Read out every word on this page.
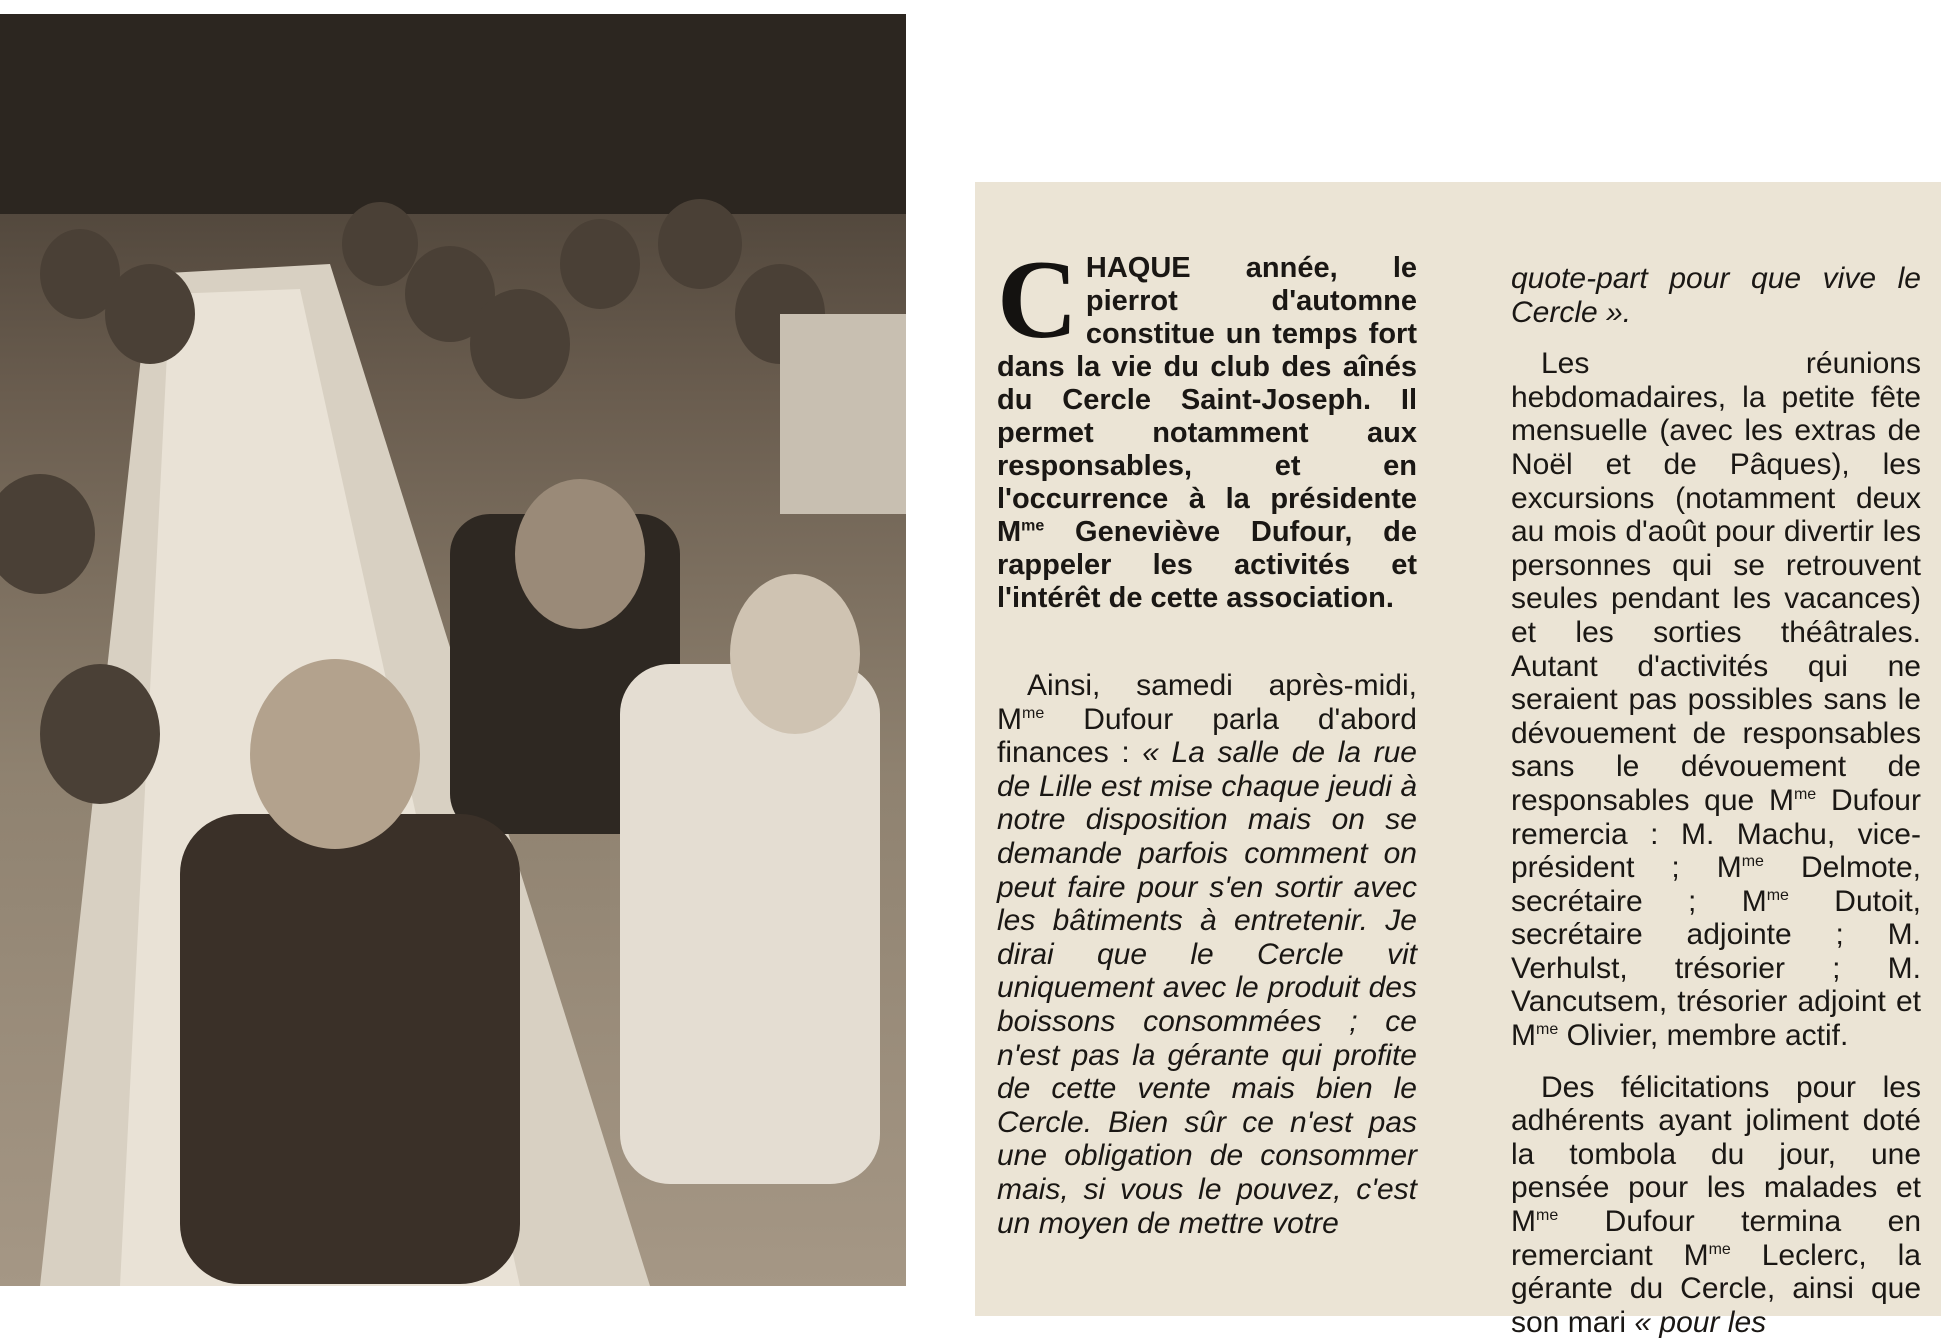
CHAQUE année, le pierrot d'automne constitue un temps fort dans la vie du club des aînés du Cercle Saint-Joseph. Il permet notamment aux responsables, et en l'occurrence à la présidente $M^{me}$ Geneviève Dufour, de rappeler les activités et l'intérêt de cette association.

Ainsi, samedi après-midi, $M^{me}$ Dufour parla d'abord finances : « La salle de la rue de Lille est mise chaque jeudi à notre disposition mais on se demande parfois comment on peut faire pour s'en sortir avec les bâtiments à entretenir. Je dirai que le Cercle vit uniquement avec le produit des boissons consommées ; ce n'est pas la gérante qui profite de cette vente mais bien le Cercle. Bien sûr ce n'est pas une obligation de consommer mais, si vous le pouvez, c'est un moyen de mettre votre

quote-part pour que vive le Cercle ».

Les réunions hebdomadaires, la petite fête mensuelle (avec les extras de Noël et de Pâques), les excursions (notamment deux au mois d'août pour divertir les personnes qui se retrouvent seules pendant les vacances) et les sorties théâtrales. Autant d'activités qui ne seraient pas possibles sans le dévouement de responsables sans le dévouement de responsables que $M^{me}$ Dufour remercia : M. Machu, vice-président ; $M^{me}$ Delmote, secrétaire ; $M^{me}$ Dutoit, secrétaire adjointe ; M. Verhulst, trésorier ; M. Vancutsem, trésorier adjoint et $M^{me}$ Olivier, membre actif.

Des félicitations pour les adhérents ayant joliment doté la tombola du jour, une pensée pour les malades et $M^{me}$ Dufour termina en remerciant $M^{me}$ Leclerc, la gérante du Cercle, ainsi que son mari « pour les
